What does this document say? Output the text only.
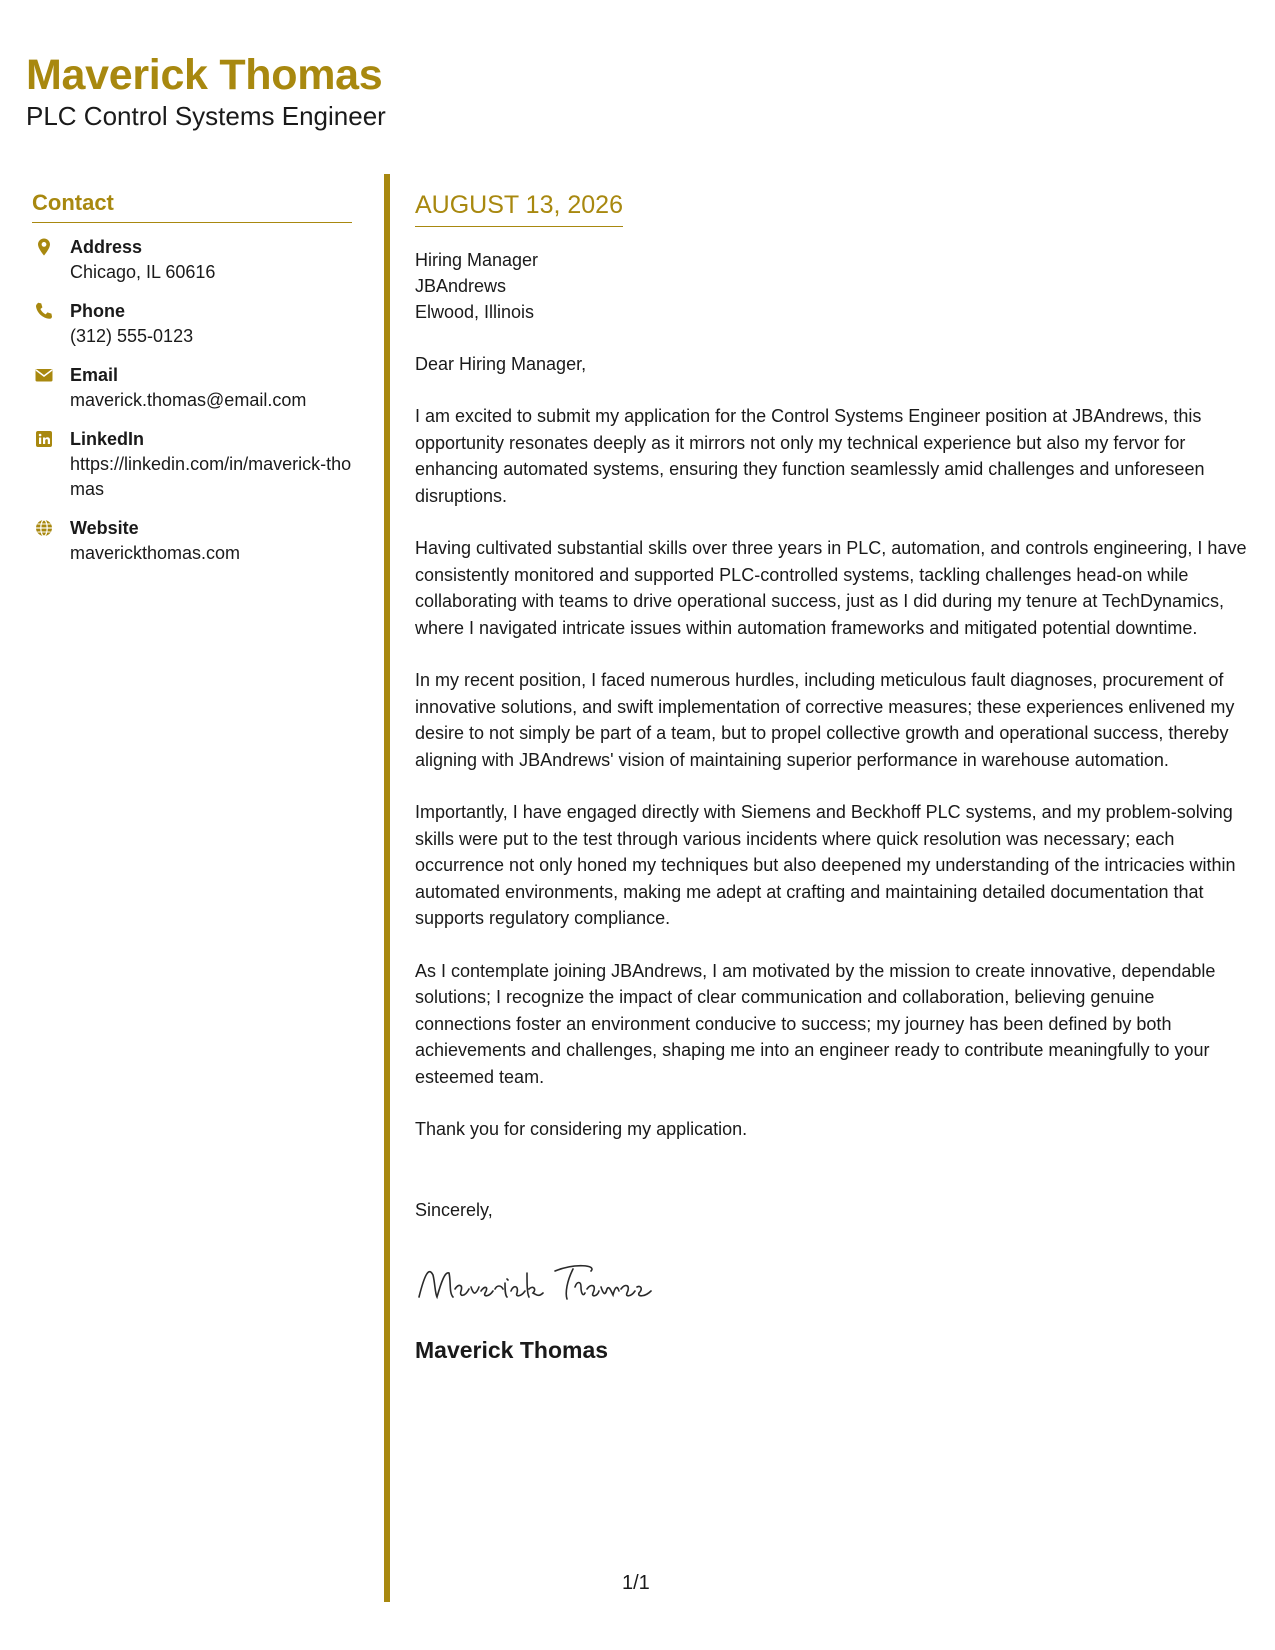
Maverick Thomas
PLC Control Systems Engineer
Contact
Address
Chicago, IL 60616
Phone
(312) 555-0123
Email
maverick.thomas@email.com
LinkedIn
https://linkedin.com/in/maverick-thomas
Website
maverickthomas.com
AUGUST 13, 2026
Hiring Manager
JBAndrews
Elwood, Illinois
Dear Hiring Manager,

I am excited to submit my application for the Control Systems Engineer position at JBAndrews, this opportunity resonates deeply as it mirrors not only my technical experience but also my fervor for enhancing automated systems, ensuring they function seamlessly amid challenges and unforeseen disruptions.

Having cultivated substantial skills over three years in PLC, automation, and controls engineering, I have consistently monitored and supported PLC-controlled systems, tackling challenges head-on while collaborating with teams to drive operational success, just as I did during my tenure at TechDynamics, where I navigated intricate issues within automation frameworks and mitigated potential downtime.

In my recent position, I faced numerous hurdles, including meticulous fault diagnoses, procurement of innovative solutions, and swift implementation of corrective measures; these experiences enlivened my desire to not simply be part of a team, but to propel collective growth and operational success, thereby aligning with JBAndrews' vision of maintaining superior performance in warehouse automation.

Importantly, I have engaged directly with Siemens and Beckhoff PLC systems, and my problem-solving skills were put to the test through various incidents where quick resolution was necessary; each occurrence not only honed my techniques but also deepened my understanding of the intricacies within automated environments, making me adept at crafting and maintaining detailed documentation that supports regulatory compliance.

As I contemplate joining JBAndrews, I am motivated by the mission to create innovative, dependable solutions; I recognize the impact of clear communication and collaboration, believing genuine connections foster an environment conducive to success; my journey has been defined by both achievements and challenges, shaping me into an engineer ready to contribute meaningfully to your esteemed team.

Thank you for considering my application.

Sincerely,
Maverick Thomas
1/1
